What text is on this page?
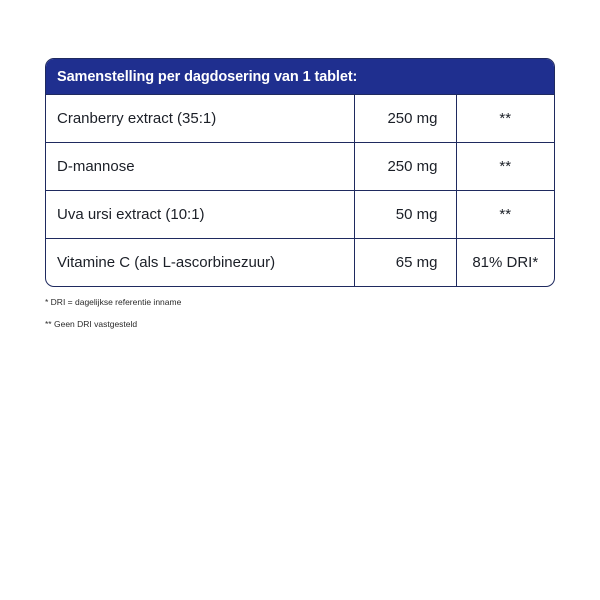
Samenstelling per dagdosering van 1 tablet:
Cranberry extract (35:1)	250 mg	**
D-mannose	250 mg	**
Uva ursi extract (10:1)	50 mg	**
Vitamine C (als L-ascorbinezuur)	65 mg	81% DRI*
* DRI = dagelijkse referentie inname
** Geen DRI vastgesteld
